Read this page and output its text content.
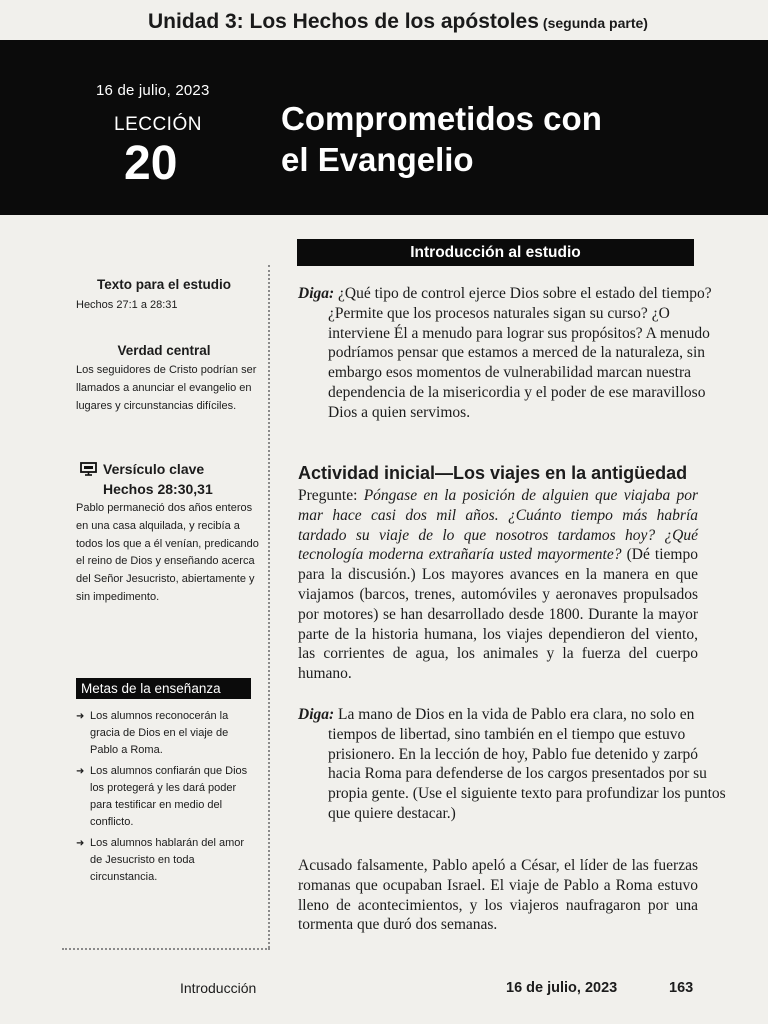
Unidad 3: Los Hechos de los apóstoles (segunda parte)
16 de julio, 2023
LECCIÓN
20
Comprometidos con
el Evangelio
Texto para el estudio
Hechos 27:1 a 28:31
Verdad central
Los seguidores de Cristo podrían ser llamados a anunciar el evangelio en lugares y circunstancias difíciles.
Versículo clave
Hechos 28:30,31
Pablo permaneció dos años enteros en una casa alquilada, y recibía a todos los que a él venían, predicando el reino de Dios y enseñando acerca del Señor Jesucristo, abiertamente y sin impedimento.
Metas de la enseñanza
➜ Los alumnos reconocerán la gracia de Dios en el viaje de Pablo a Roma.
➜ Los alumnos confiarán que Dios los protegerá y les dará poder para testificar en medio del conflicto.
➜ Los alumnos hablarán del amor de Jesucristo en toda circunstancia.
Introducción al estudio
Diga: ¿Qué tipo de control ejerce Dios sobre el estado del tiempo? ¿Permite que los procesos naturales sigan su curso? ¿O interviene Él a menudo para lograr sus propósitos? A menudo podríamos pensar que estamos a merced de la naturaleza, sin embargo esos momentos de vulnerabilidad marcan nuestra dependencia de la misericordia y el poder de ese maravilloso Dios a quien servimos.
Actividad inicial—Los viajes en la antigüedad
Pregunte: Póngase en la posición de alguien que viajaba por mar hace casi dos mil años. ¿Cuánto tiempo más habría tardado su viaje de lo que nosotros tardamos hoy? ¿Qué tecnología moderna extrañaría usted mayormente? (Dé tiempo para la discusión.) Los mayores avances en la manera en que viajamos (barcos, trenes, automóviles y aeronaves propulsados por motores) se han desarrollado desde 1800. Durante la mayor parte de la historia humana, los viajes dependieron del viento, las corrientes de agua, los animales y la fuerza del cuerpo humano.
Diga: La mano de Dios en la vida de Pablo era clara, no solo en tiempos de libertad, sino también en el tiempo que estuvo prisionero. En la lección de hoy, Pablo fue detenido y zarpó hacia Roma para defenderse de los cargos presentados por su propia gente. (Use el siguiente texto para profundizar los puntos que quiere destacar.)
Acusado falsamente, Pablo apeló a César, el líder de las fuerzas romanas que ocupaban Israel. El viaje de Pablo a Roma estuvo lleno de acontecimientos, y los viajeros naufragaron por una tormenta que duró dos semanas.
Introducción	16 de julio, 2023	163
